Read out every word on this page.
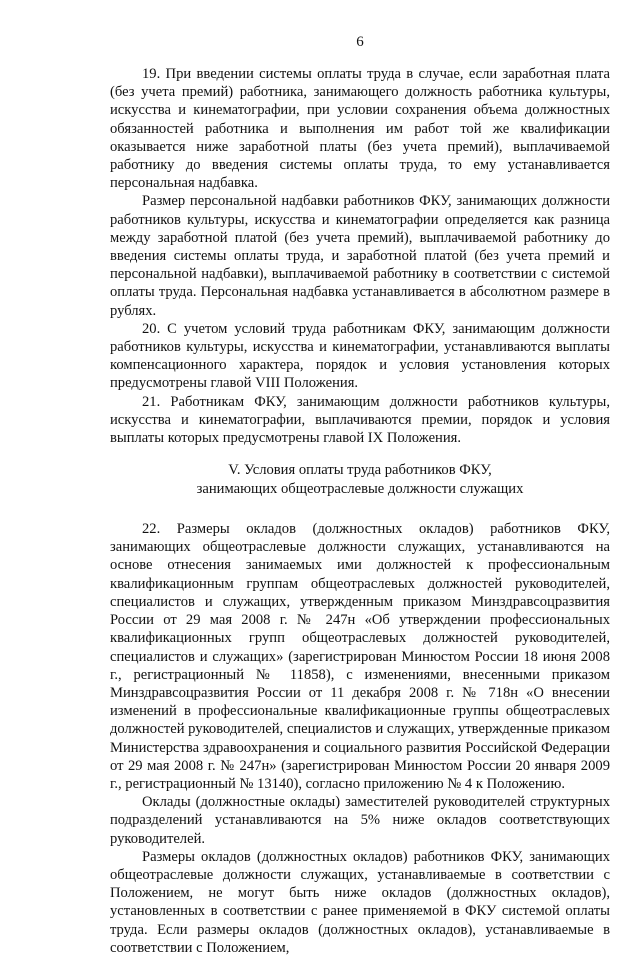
6

19. При введении системы оплаты труда в случае, если заработная плата (без учета премий) работника, занимающего должность работника культуры, искусства и кинематографии, при условии сохранения объема должностных обязанностей работника и выполнения им работ той же квалификации оказывается ниже заработной платы (без учета премий), выплачиваемой работнику до введения системы оплаты труда, то ему устанавливается персональная надбавка.

Размер персональной надбавки работников ФКУ, занимающих должности работников культуры, искусства и кинематографии определяется как разница между заработной платой (без учета премий), выплачиваемой работнику до введения системы оплаты труда, и заработной платой (без учета премий и персональной надбавки), выплачиваемой работнику в соответствии с системой оплаты труда. Персональная надбавка устанавливается в абсолютном размере в рублях.

20. С учетом условий труда работникам ФКУ, занимающим должности работников культуры, искусства и кинематографии, устанавливаются выплаты компенсационного характера, порядок и условия установления которых предусмотрены главой VIII Положения.

21. Работникам ФКУ, занимающим должности работников культуры, искусства и кинематографии, выплачиваются премии, порядок и условия выплаты которых предусмотрены главой IX Положения.

V. Условия оплаты труда работников ФКУ,
занимающих общеотраслевые должности служащих

22. Размеры окладов (должностных окладов) работников ФКУ, занимающих общеотраслевые должности служащих, устанавливаются на основе отнесения занимаемых ими должностей к профессиональным квалификационным группам общеотраслевых должностей руководителей, специалистов и служащих, утвержденным приказом Минздравсоцразвития России от 29 мая 2008 г. № 247н «Об утверждении профессиональных квалификационных групп общеотраслевых должностей руководителей, специалистов и служащих» (зарегистрирован Минюстом России 18 июня 2008 г., регистрационный № 11858), с изменениями, внесенными приказом Минздравсоцразвития России от 11 декабря 2008 г. № 718н «О внесении изменений в профессиональные квалификационные группы общеотраслевых должностей руководителей, специалистов и служащих, утвержденные приказом Министерства здравоохранения и социального развития Российской Федерации от 29 мая 2008 г. № 247н» (зарегистрирован Минюстом России 20 января 2009 г., регистрационный № 13140), согласно приложению № 4 к Положению.

Оклады (должностные оклады) заместителей руководителей структурных подразделений устанавливаются на 5% ниже окладов соответствующих руководителей.

Размеры окладов (должностных окладов) работников ФКУ, занимающих общеотраслевые должности служащих, устанавливаемые в соответствии с Положением, не могут быть ниже окладов (должностных окладов), установленных в соответствии с ранее применяемой в ФКУ системой оплаты труда. Если размеры окладов (должностных окладов), устанавливаемые в соответствии с Положением,
